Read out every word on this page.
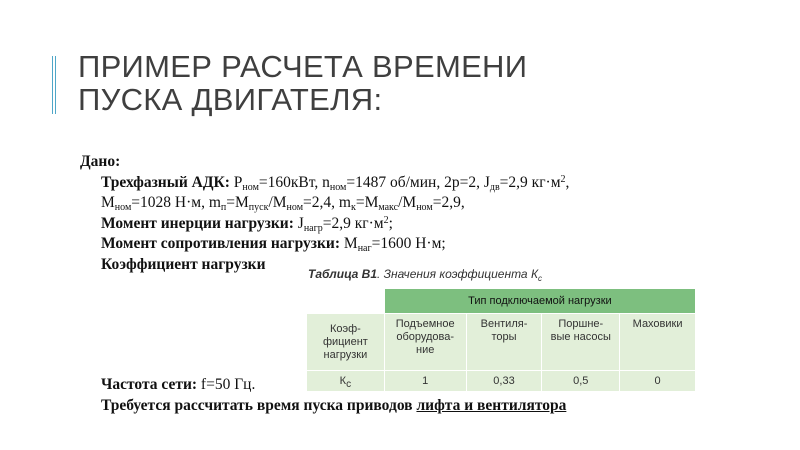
ПРИМЕР РАСЧЕТА ВРЕМЕНИ
ПУСКА ДВИГАТЕЛЯ:
Дано:
Трехфазный АДК: $P_{ном}=160кВт$, $n_{ном}=1487$ об/мин, 2p=2, $J_{дв}=2,9$ $кг\cdot м^2$,
$M_{ном}=1028$ Н·м, $m_п=M_{пуск}/M_{ном}=2,4$, $m_к=M_{макс}/M_{ном}=2,9$,
Момент инерции нагрузки: $J_{нагр}=2,9$ $кг\cdot м^2$;
Момент сопротивления нагрузки: $M_{наг}=1600$ Н·м;
Коэффициент нагрузки
Частота сети: f=50 Гц.
Требуется рассчитать время пуска приводов лифта и вентилятора
Таблица В1. Значения коэффициента $К_с$
	Тип подключаемой нагрузки			
Коэф-
фициент
нагрузки	Подъемное
оборудова-
ние	Вентиля-
торы	Поршне-
вые насосы	Маховики
$К_с$	1	0,33	0,5	0
